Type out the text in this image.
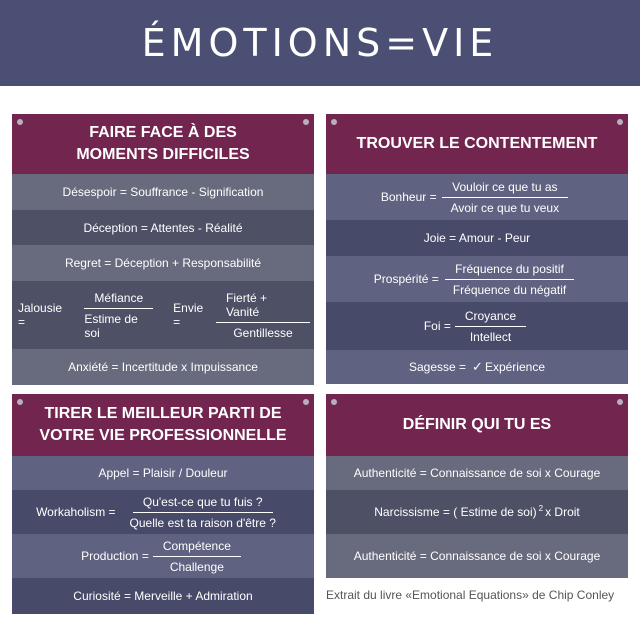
ÉMOTIONS=VIE
FAIRE FACE À DES
MOMENTS DIFFICILES
Désespoir = Souffrance - Signification
Déception = Attentes - Réalité
Regret = Déception + Responsabilité
Jalousie =	$\frac{\text{Méfiance}}{\text{Estime de soi}}$ Envie =	$\frac{\text{Fierté + Vanité}}{\text{Gentillesse}}$
Anxiété = Incertitude x Impuissance
TROUVER LE CONTENTEMENT
Bonheur = $\frac{\text{Vouloir ce que tu as}}{\text{Avoir ce que tu veux}}$
Joie = Amour - Peur
Prospérité = $\frac{\text{Fréquence du positif}}{\text{Fréquence du négatif}}$
Foi = $\frac{\text{Croyance}}{\text{Intellect}}$
Sagesse = ✓ Expérience
TIRER LE MEILLEUR PARTI DE
VOTRE VIE PROFESSIONNELLE
Appel = Plaisir / Douleur
Workaholism = $\frac{\text{Qu'est-ce que tu fuis ?}}{\text{Quelle est ta raison d'être ?}}$
Production = $\frac{\text{Compétence}}{\text{Challenge}}$
Curiosité = Merveille + Admiration
DÉFINIR QUI TU ES
Authenticité = Connaissance de soi x Courage
Narcissisme = ( Estime de soi) $^2$ x Droit
Authenticité = Connaissance de soi x Courage
Extrait du livre «Emotional Equations» de Chip Conley
